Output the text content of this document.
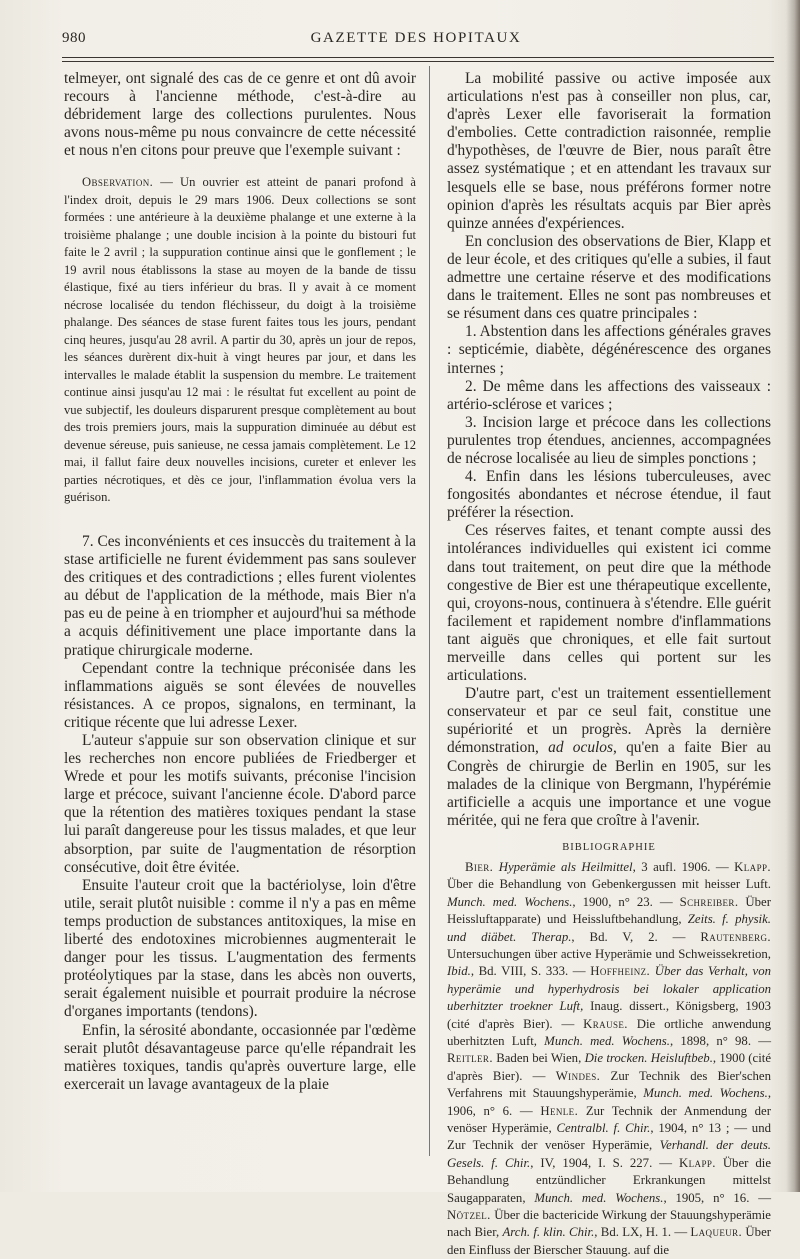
980	GAZETTE DES HOPITAUX

telmeyer, ont signalé des cas de ce genre et ont dû avoir recours à l'ancienne méthode, c'est-à-dire au débridement large des collections purulentes. Nous avons nous-même pu nous convaincre de cette nécessité et nous n'en citons pour preuve que l'exemple suivant :

Observation. — Un ouvrier est atteint de panari profond à l'index droit, depuis le 29 mars 1906. Deux collections se sont formées : une antérieure à la deuxième phalange et une externe à la troisième phalange ; une double incision à la pointe du bistouri fut faite le 2 avril ; la suppuration continue ainsi que le gonflement ; le 19 avril nous établissons la stase au moyen de la bande de tissu élastique, fixé au tiers inférieur du bras. Il y avait à ce moment nécrose localisée du tendon fléchisseur, du doigt à la troisième phalange. Des séances de stase furent faites tous les jours, pendant cinq heures, jusqu'au 28 avril. A partir du 30, après un jour de repos, les séances durèrent dix-huit à vingt heures par jour, et dans les intervalles le malade établit la suspension du membre. Le traitement continue ainsi jusqu'au 12 mai : le résultat fut excellent au point de vue subjectif, les douleurs disparurent presque complètement au bout des trois premiers jours, mais la suppuration diminuée au début est devenue séreuse, puis sanieuse, ne cessa jamais complètement. Le 12 mai, il fallut faire deux nouvelles incisions, cureter et enlever les parties nécrotiques, et dès ce jour, l'inflammation évolua vers la guérison.

7. Ces inconvénients et ces insuccès du traitement à la stase artificielle ne furent évidemment pas sans soulever des critiques et des contradictions ; elles furent violentes au début de l'application de la méthode, mais Bier n'a pas eu de peine à en triompher et aujourd'hui sa méthode a acquis définitivement une place importante dans la pratique chirurgicale moderne.

Cependant contre la technique préconisée dans les inflammations aiguës se sont élevées de nouvelles résistances. A ce propos, signalons, en terminant, la critique récente que lui adresse Lexer.

L'auteur s'appuie sur son observation clinique et sur les recherches non encore publiées de Friedberger et Wrede et pour les motifs suivants, préconise l'incision large et précoce, suivant l'ancienne école. D'abord parce que la rétention des matières toxiques pendant la stase lui paraît dangereuse pour les tissus malades, et que leur absorption, par suite de l'augmentation de résorption consécutive, doit être évitée.

Ensuite l'auteur croit que la bactériolyse, loin d'être utile, serait plutôt nuisible : comme il n'y a pas en même temps production de substances antitoxiques, la mise en liberté des endotoxines microbiennes augmenterait le danger pour les tissus. L'augmentation des ferments protéolytiques par la stase, dans les abcès non ouverts, serait également nuisible et pourrait produire la nécrose d'organes importants (tendons).

Enfin, la sérosité abondante, occasionnée par l'œdème serait plutôt désavantageuse parce qu'elle répandrait les matières toxiques, tandis qu'après ouverture large, elle exercerait un lavage avantageux de la plaie

La mobilité passive ou active imposée aux articulations n'est pas à conseiller non plus, car, d'après Lexer elle favoriserait la formation d'embolies. Cette contradiction raisonnée, remplie d'hypothèses, de l'œuvre de Bier, nous paraît être assez systématique ; et en attendant les travaux sur lesquels elle se base, nous préférons former notre opinion d'après les résultats acquis par Bier après quinze années d'expériences.

En conclusion des observations de Bier, Klapp et de leur école, et des critiques qu'elle a subies, il faut admettre une certaine réserve et des modifications dans le traitement. Elles ne sont pas nombreuses et se résument dans ces quatre principales :

1. Abstention dans les affections générales graves : septicémie, diabète, dégénérescence des organes internes ;

2. De même dans les affections des vaisseaux : artério-sclérose et varices ;

3. Incision large et précoce dans les collections purulentes trop étendues, anciennes, accompagnées de nécrose localisée au lieu de simples ponctions ;

4. Enfin dans les lésions tuberculeuses, avec fongosités abondantes et nécrose étendue, il faut préférer la résection.

Ces réserves faites, et tenant compte aussi des intolérances individuelles qui existent ici comme dans tout traitement, on peut dire que la méthode congestive de Bier est une thérapeutique excellente, qui, croyons-nous, continuera à s'étendre. Elle guérit facilement et rapidement nombre d'inflammations tant aiguës que chroniques, et elle fait surtout merveille dans celles qui portent sur les articulations.

D'autre part, c'est un traitement essentiellement conservateur et par ce seul fait, constitue une supériorité et un progrès. Après la dernière démonstration, ad oculos, qu'en a faite Bier au Congrès de chirurgie de Berlin en 1905, sur les malades de la clinique von Bergmann, l'hypérémie artificielle a acquis une importance et une vogue méritée, qui ne fera que croître à l'avenir.

BIBLIOGRAPHIE

Bier. Hyperämie als Heilmittel, 3 aufl. 1906. — Klapp. Über die Behandlung von Gebenkergussen mit heisser Luft. Munch. med. Wochens., 1900, n° 23. — Schreiber. Über Heissluftapparate) und Heissluftbehandlung, Zeits. f. physik. und diäbet. Therap., Bd. V, 2. — Rautenberg. Untersuchungen über active Hyperämie und Schweissekretion, Ibid., Bd. VIII, S. 333. — Hoffheinz. Über das Verhalt, von hyperämie und hyperhydrosis bei lokaler application uberhitzter troekner Luft, Inaug. dissert., Königsberg, 1903 (cité d'après Bier). — Krause. Die ortliche anwendung uberhitzten Luft, Munch. med. Wochens., 1898, n° 98. — Reitler. Baden bei Wien, Die trocken. Heisluftbeb., 1900 (cité d'après Bier). — Windes. Zur Technik des Bier'schen Verfahrens mit Stauungshyperämie, Munch. med. Wochens., 1906, n° 6. — Henle. Zur Technik der Anmendung der venöser Hyperämie, Centralbl. f. Chir., 1904, n° 13 ; — und Zur Technik der venöser Hyperämie, Verhandl. der deuts. Gesels. f. Chir., IV, 1904, I. S. 227. — Klapp. Über die Behandlung entzündlicher Erkrankungen mittelst Saugapparaten, Munch. med. Wochens., 1905, n° 16. — Nötzel. Über die bactericide Wirkung der Stauungshyperämie nach Bier, Arch. f. klin. Chir., Bd. LX, H. 1. — Laqueur. Über den Einfluss der Bierscher Stauung. auf die
